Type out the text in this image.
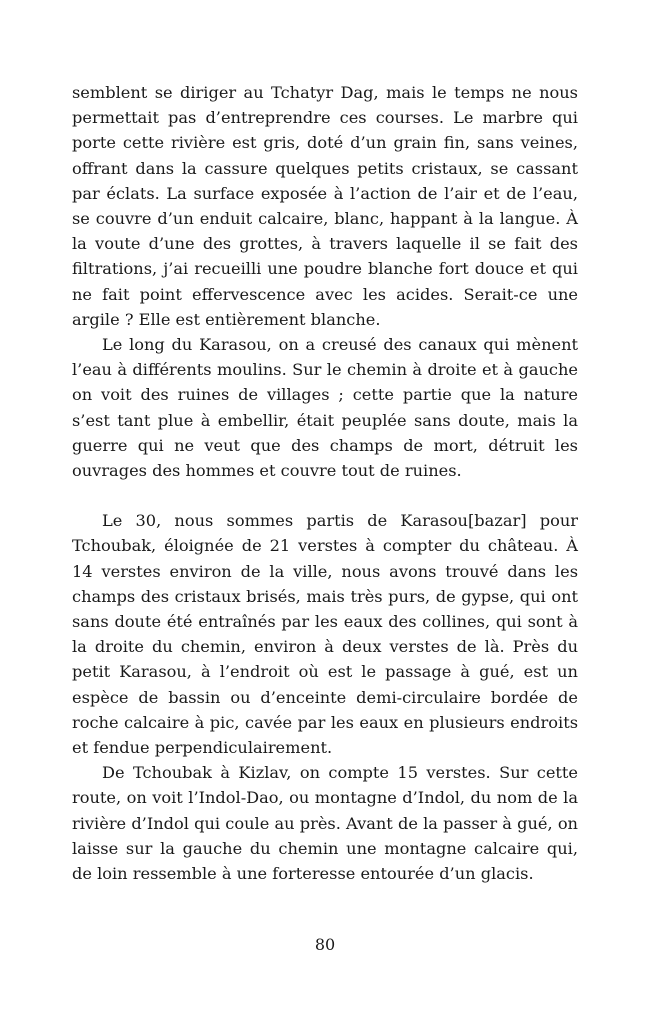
semblent se diriger au Tchatyr Dag, mais le temps ne nous permettait pas d’entreprendre ces courses. Le marbre qui porte cette rivière est gris, doté d’un grain fin, sans veines, offrant dans la cassure quelques petits cristaux, se cassant par éclats. La surface exposée à l’action de l’air et de l’eau, se couvre d’un enduit calcaire, blanc, happant à la langue. À la voute d’une des grottes, à travers laquelle il se fait des filtrations, j’ai recueilli une poudre blanche fort douce et qui ne fait point effervescence avec les acides. Serait-ce une argile ? Elle est entièrement blanche.

Le long du Karasou, on a creusé des canaux qui mènent l’eau à différents moulins. Sur le chemin à droite et à gauche on voit des ruines de villages ; cette partie que la nature s’est tant plue à embellir, était peuplée sans doute, mais la guerre qui ne veut que des champs de mort, détruit les ouvrages des hommes et couvre tout de ruines.

Le 30, nous sommes partis de Karasou[bazar] pour Tchoubak, éloignée de 21 verstes à compter du château. À 14 verstes environ de la ville, nous avons trouvé dans les champs des cristaux brisés, mais très purs, de gypse, qui ont sans doute été entraînés par les eaux des collines, qui sont à la droite du chemin, environ à deux verstes de là. Près du petit Karasou, à l’endroit où est le passage à gué, est un espèce de bassin ou d’enceinte demi-circulaire bordée de roche calcaire à pic, cavée par les eaux en plusieurs endroits et fendue perpendiculairement.

De Tchoubak à Kizlav, on compte 15 verstes. Sur cette route, on voit l’Indol-Dao, ou montagne d’Indol, du nom de la rivière d’Indol qui coule au près. Avant de la passer à gué, on laisse sur la gauche du chemin une montagne calcaire qui, de loin ressemble à une forteresse entourée d’un glacis.

80
